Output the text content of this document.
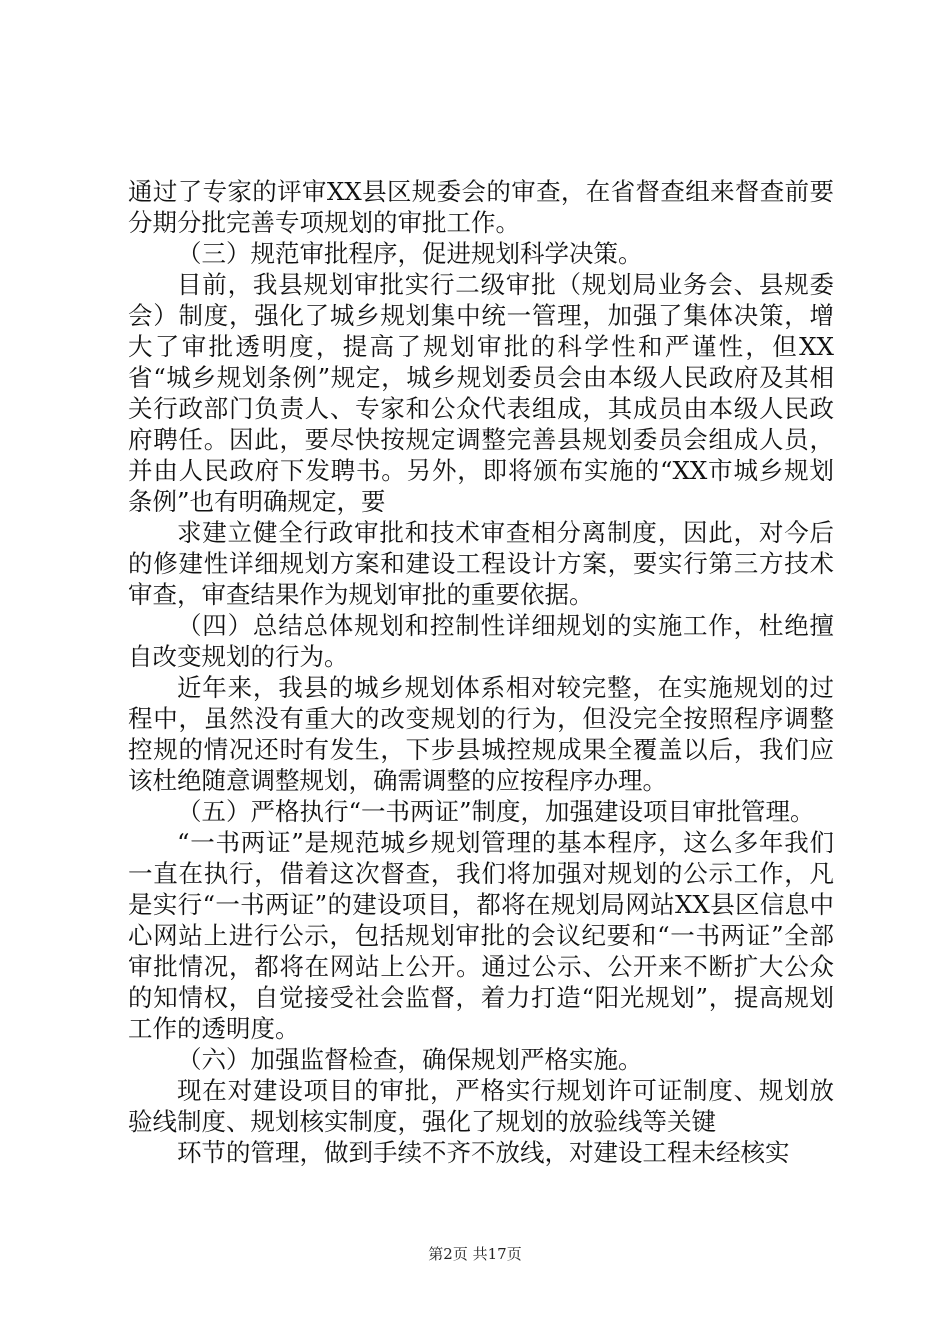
通过了专家的评审XX县区规委会的审查，在省督查组来督查前要分期分批完善专项规划的审批工作。

（三）规范审批程序，促进规划科学决策。

目前，我县规划审批实行二级审批（规划局业务会、县规委会）制度，强化了城乡规划集中统一管理，加强了集体决策，增大了审批透明度，提高了规划审批的科学性和严谨性，但XX省“城乡规划条例”规定，城乡规划委员会由本级人民政府及其相关行政部门负责人、专家和公众代表组成，其成员由本级人民政府聘任。因此，要尽快按规定调整完善县规划委员会组成人员，并由人民政府下发聘书。另外，即将颁布实施的“XX市城乡规划条例”也有明确规定，要

求建立健全行政审批和技术审查相分离制度，因此，对今后的修建性详细规划方案和建设工程设计方案，要实行第三方技术审查，审查结果作为规划审批的重要依据。

（四）总结总体规划和控制性详细规划的实施工作，杜绝擅自改变规划的行为。

近年来，我县的城乡规划体系相对较完整，在实施规划的过程中，虽然没有重大的改变规划的行为，但没完全按照程序调整控规的情况还时有发生，下步县城控规成果全覆盖以后，我们应该杜绝随意调整规划，确需调整的应按程序办理。

（五）严格执行“一书两证”制度，加强建设项目审批管理。

“一书两证”是规范城乡规划管理的基本程序，这么多年我们一直在执行，借着这次督查，我们将加强对规划的公示工作，凡是实行“一书两证”的建设项目，都将在规划局网站XX县区信息中心网站上进行公示，包括规划审批的会议纪要和“一书两证”全部审批情况，都将在网站上公开。通过公示、公开来不断扩大公众的知情权，自觉接受社会监督，着力打造“阳光规划”，提高规划工作的透明度。

（六）加强监督检查，确保规划严格实施。

现在对建设项目的审批，严格实行规划许可证制度、规划放验线制度、规划核实制度，强化了规划的放验线等关键

环节的管理，做到手续不齐不放线，对建设工程未经核实

第2页 共17页
